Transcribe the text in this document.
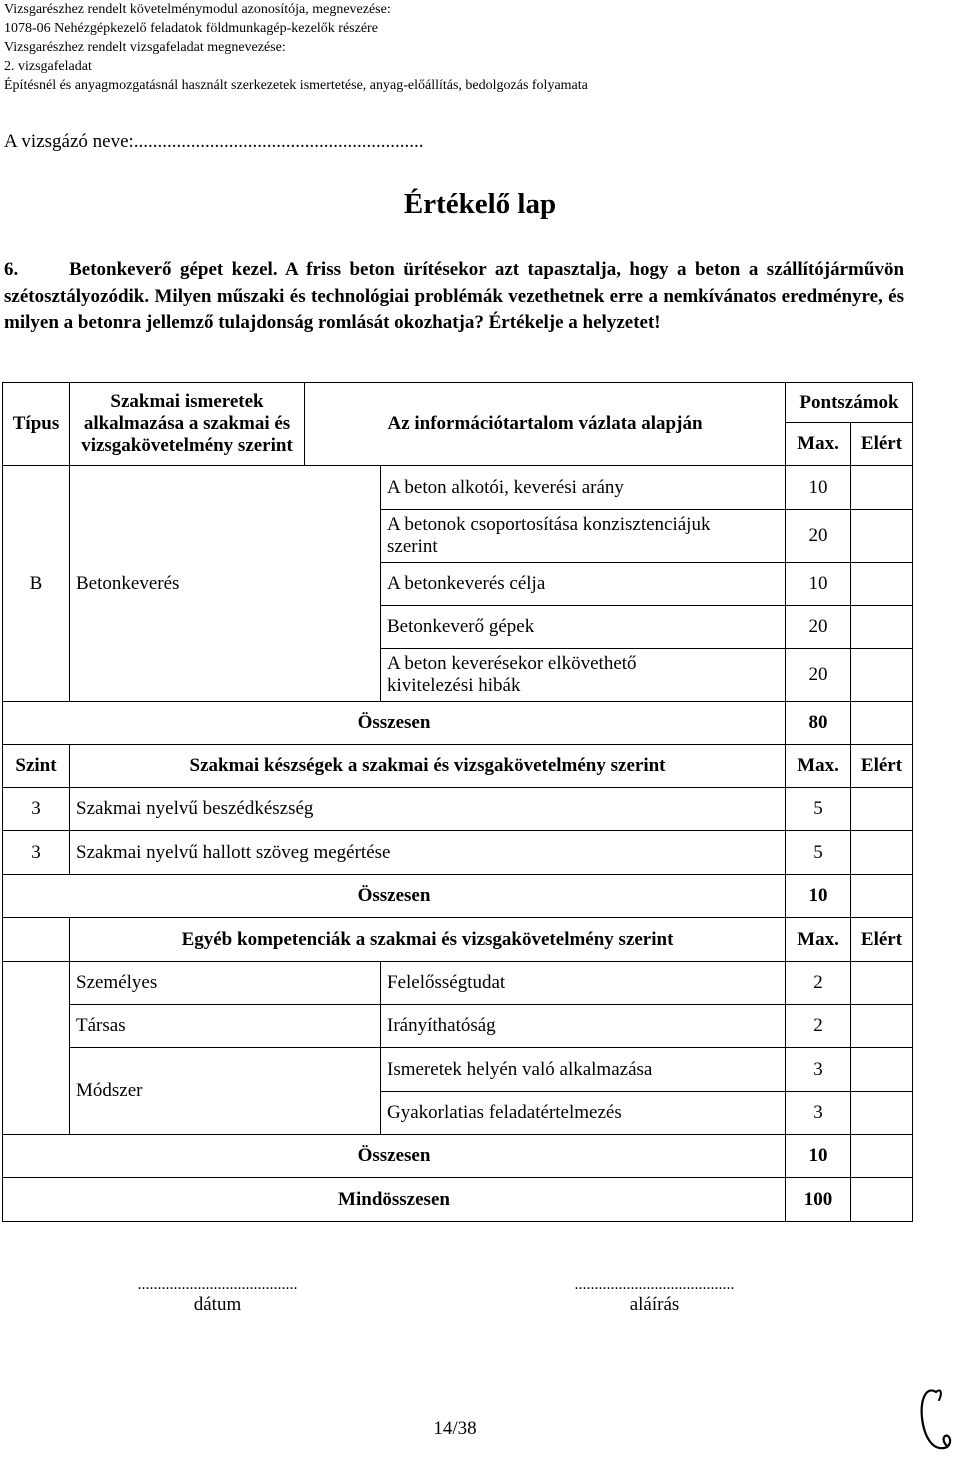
Vizsgarészhez rendelt követelménymodul azonosítója, megnevezése:
1078-06 Nehézgépkezelő feladatok földmunkagép-kezelők részére
Vizsgarészhez rendelt vizsgafeladat megnevezése:
2. vizsgafeladat
Építésnél és anyagmozgatásnál használt szerkezetek ismertetése, anyag-előállítás, bedolgozás folyamata
A vizsgázó neve:.............................................................
Értékelő lap

6.	Betonkeverő gépet kezel. A friss beton ürítésekor azt tapasztalja, hogy a beton a szállítójárművön szétosztályozódik. Milyen műszaki és technológiai problémák vezethetnek erre a nemkívánatos eredményre, és milyen a betonra jellemző tulajdonság romlását okozhatja? Értékelje a helyzetet!

Típus	Szakmai ismeretek
alkalmazása a szakmai és
vizsgakövetelmény szerint	Az információtartalom vázlata alapján		Pontszámok	
				Max.	Elért
B	Betonkeverés		A beton alkotói, keverési arány	10	
			A betonok csoportosítása konzisztenciájuk
szerint	20	
			A betonkeverés célja	10	
			Betonkeverő gépek	20	
			A beton keverésekor elkövethető
kivitelezési hibák	20	
Összesen				80	
Szint	Szakmai készségek a szakmai és vizsgakövetelmény szerint			Max.	Elért
3	Szakmai nyelvű beszédkészség			5	
3	Szakmai nyelvű hallott szöveg megértése			5	
Összesen				10	
	Egyéb kompetenciák a szakmai és vizsgakövetelmény szerint			Max.	Elért
	Személyes		Felelősségtudat	2	
	Társas		Irányíthatóság	2	
	Módszer		Ismeretek helyén való alkalmazása	3	
			Gyakorlatias feladatértelmezés	3	
Összesen				10	
Mindösszesen				100	
........................................
dátum
........................................
aláírás
14/38
